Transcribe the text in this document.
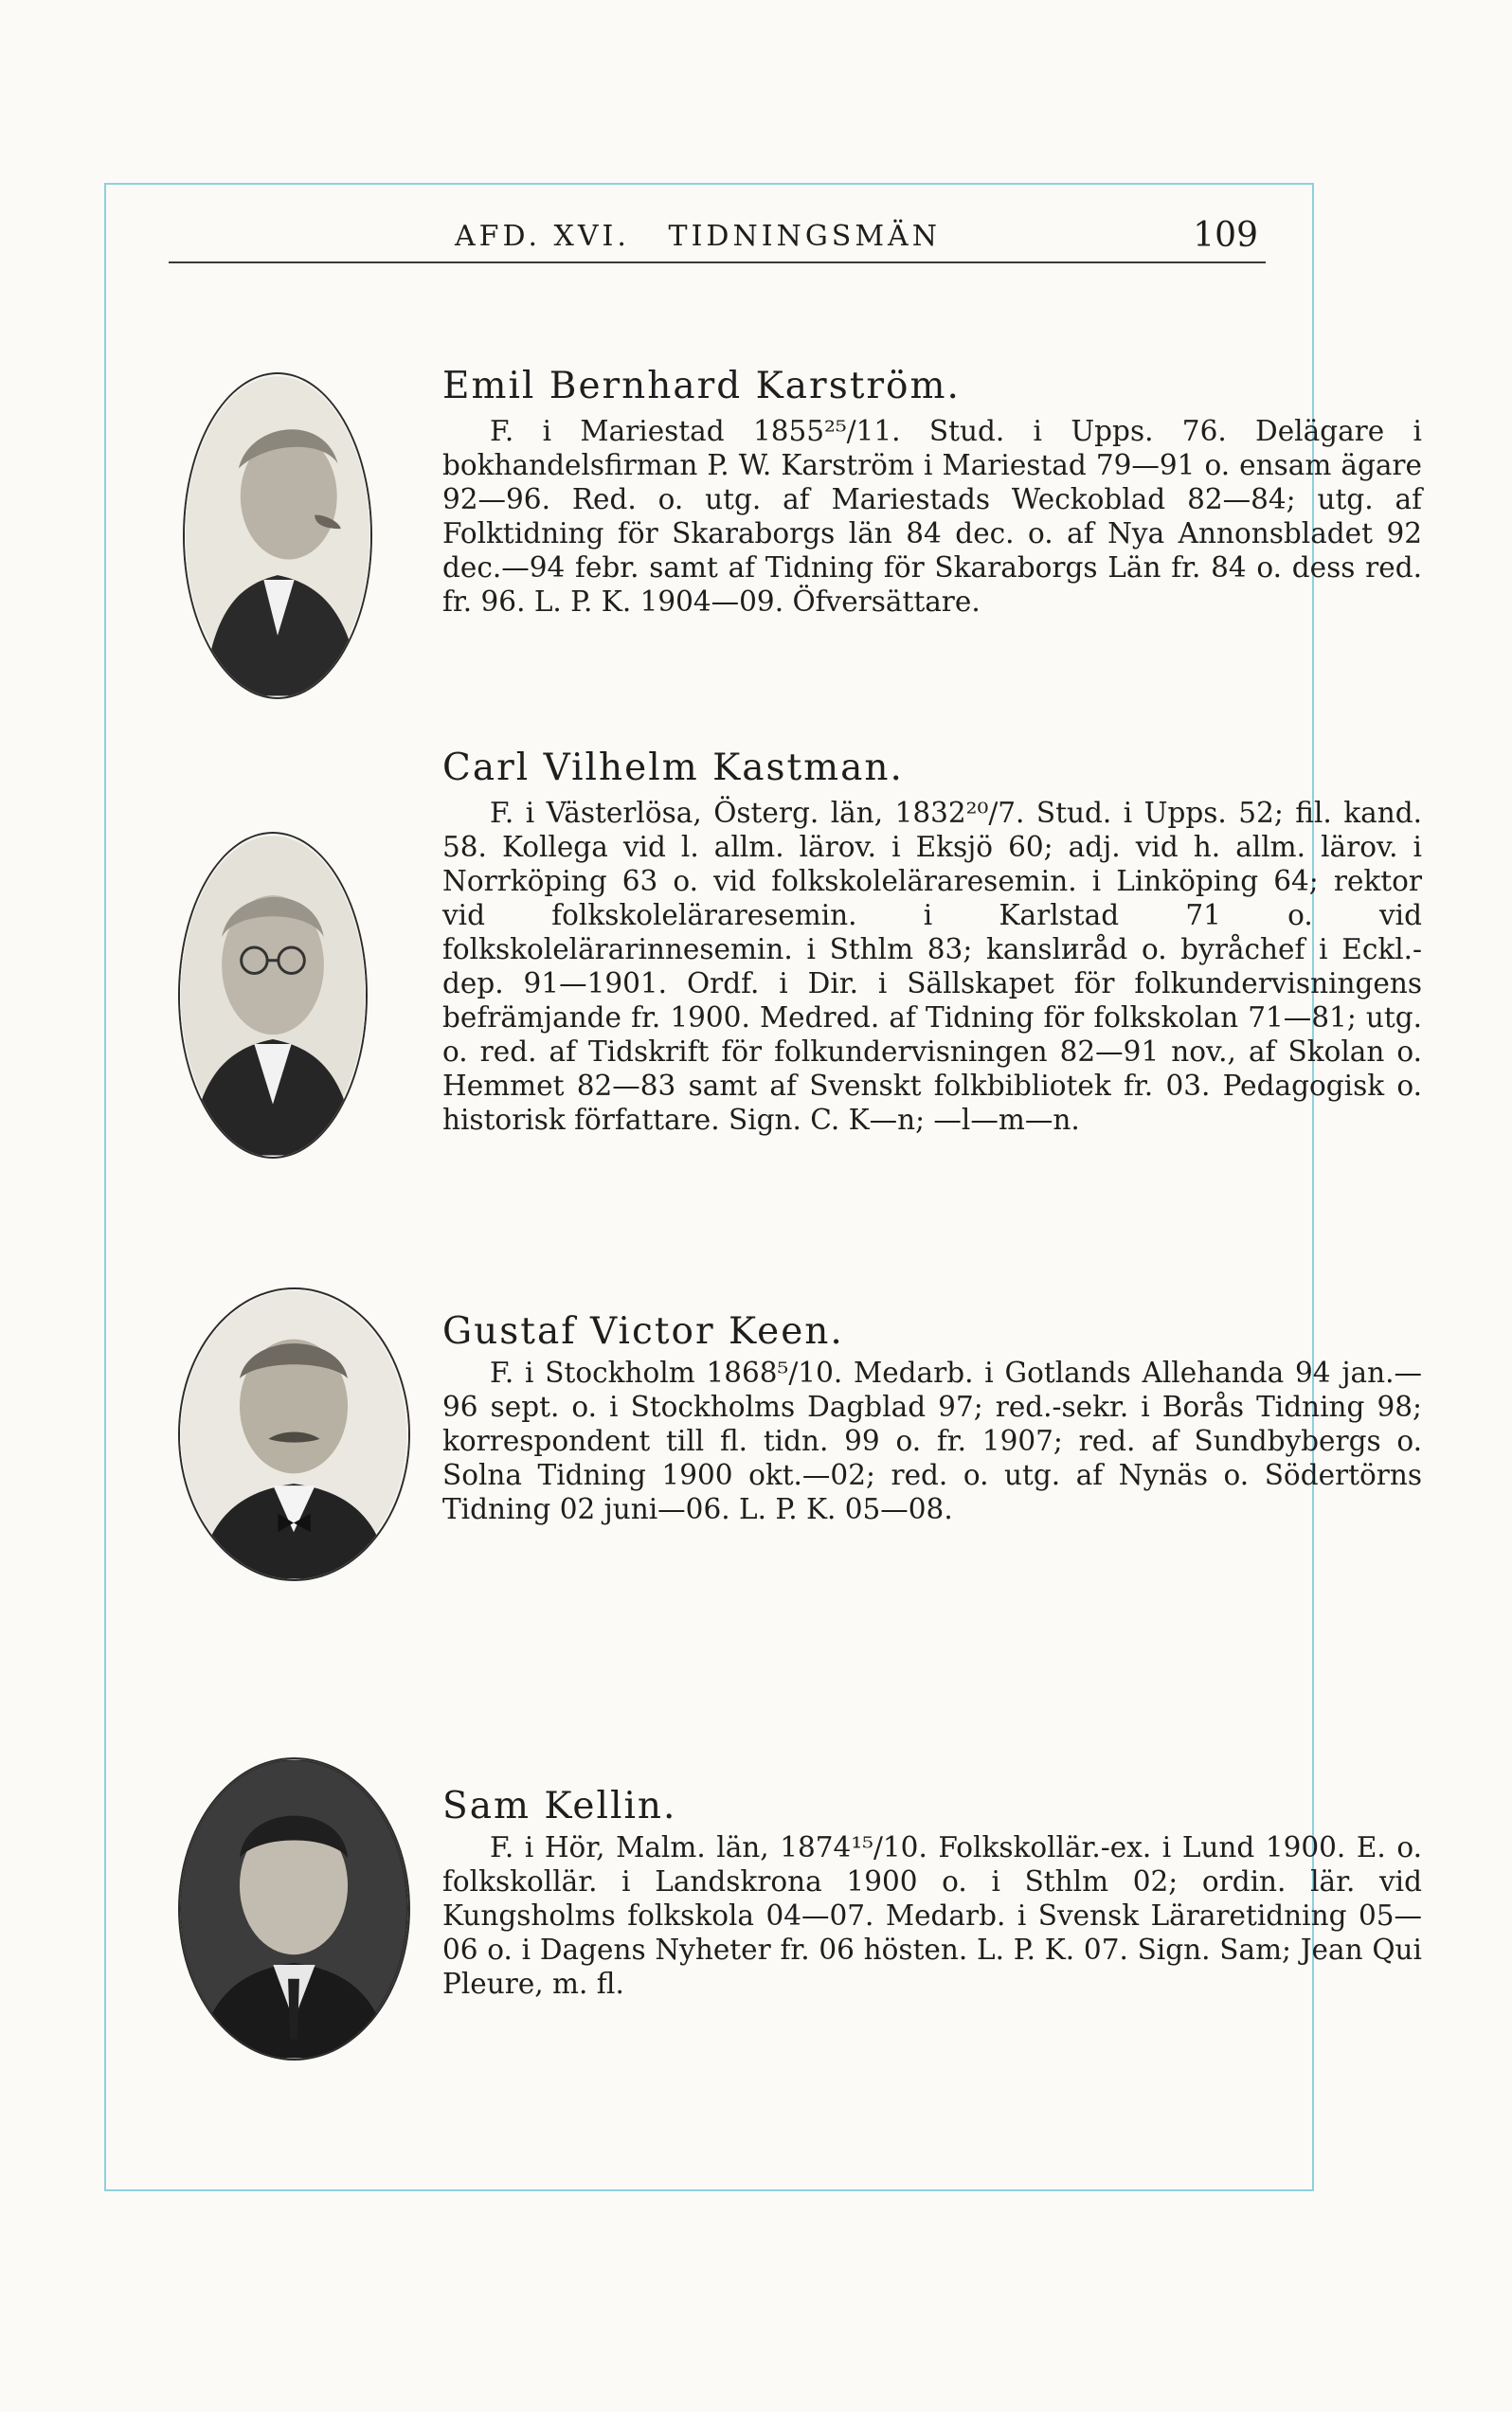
AFD. XVI.   TIDNINGSMÄN	109
Emil Bernhard Karström.

F. i Mariestad 1855²⁵/11. Stud. i Upps. 76. Delägare i bokhandelsfirman P. W. Karström i Mariestad 79—91 o. ensam ägare 92—96. Red. o. utg. af Mariestads Weckoblad 82—84; utg. af Folktidning för Skaraborgs län 84 dec. o. af Nya Annonsbladet 92 dec.—94 febr. samt af Tidning för Skaraborgs Län fr. 84 o. dess red. fr. 96. L. P. K. 1904—09. Öfversättare.

Carl Vilhelm Kastman.

F. i Västerlösa, Österg. län, 1832²⁰/7. Stud. i Upps. 52; fil. kand. 58. Kollega vid l. allm. lärov. i Eksjö 60; adj. vid h. allm. lärov. i Norrköping 63 o. vid folkskoleläraresemin. i Linköping 64; rektor vid folkskoleläraresemin. i Karlstad 71 o. vid folkskolelärarinnesemin. i Sthlm 83; kanslиråd o. byråchef i Eckl.-dep. 91—1901. Ordf. i Dir. i Sällskapet för folkundervisningens befrämjande fr. 1900. Medred. af Tidning för folkskolan 71—81; utg. o. red. af Tidskrift för folkundervisningen 82—91 nov., af Skolan o. Hemmet 82—83 samt af Svenskt folkbibliotek fr. 03. Pedagogisk o. historisk författare. Sign. C. K—n; —l—m—n.

Gustaf Victor Keen.

F. i Stockholm 1868⁵/10. Medarb. i Gotlands Allehanda 94 jan.—96 sept. o. i Stockholms Dagblad 97; red.-sekr. i Borås Tidning 98; korrespondent till fl. tidn. 99 o. fr. 1907; red. af Sundbybergs o. Solna Tidning 1900 okt.—02; red. o. utg. af Nynäs o. Södertörns Tidning 02 juni—06. L. P. K. 05—08.

Sam Kellin.

F. i Hör, Malm. län, 1874¹⁵/10. Folkskollär.-ex. i Lund 1900. E. o. folkskollär. i Landskrona 1900 o. i Sthlm 02; ordin. lär. vid Kungsholms folkskola 04—07. Medarb. i Svensk Läraretidning 05—06 o. i Dagens Nyheter fr. 06 hösten. L. P. K. 07. Sign. Sam; Jean Qui Pleure, m. fl.
